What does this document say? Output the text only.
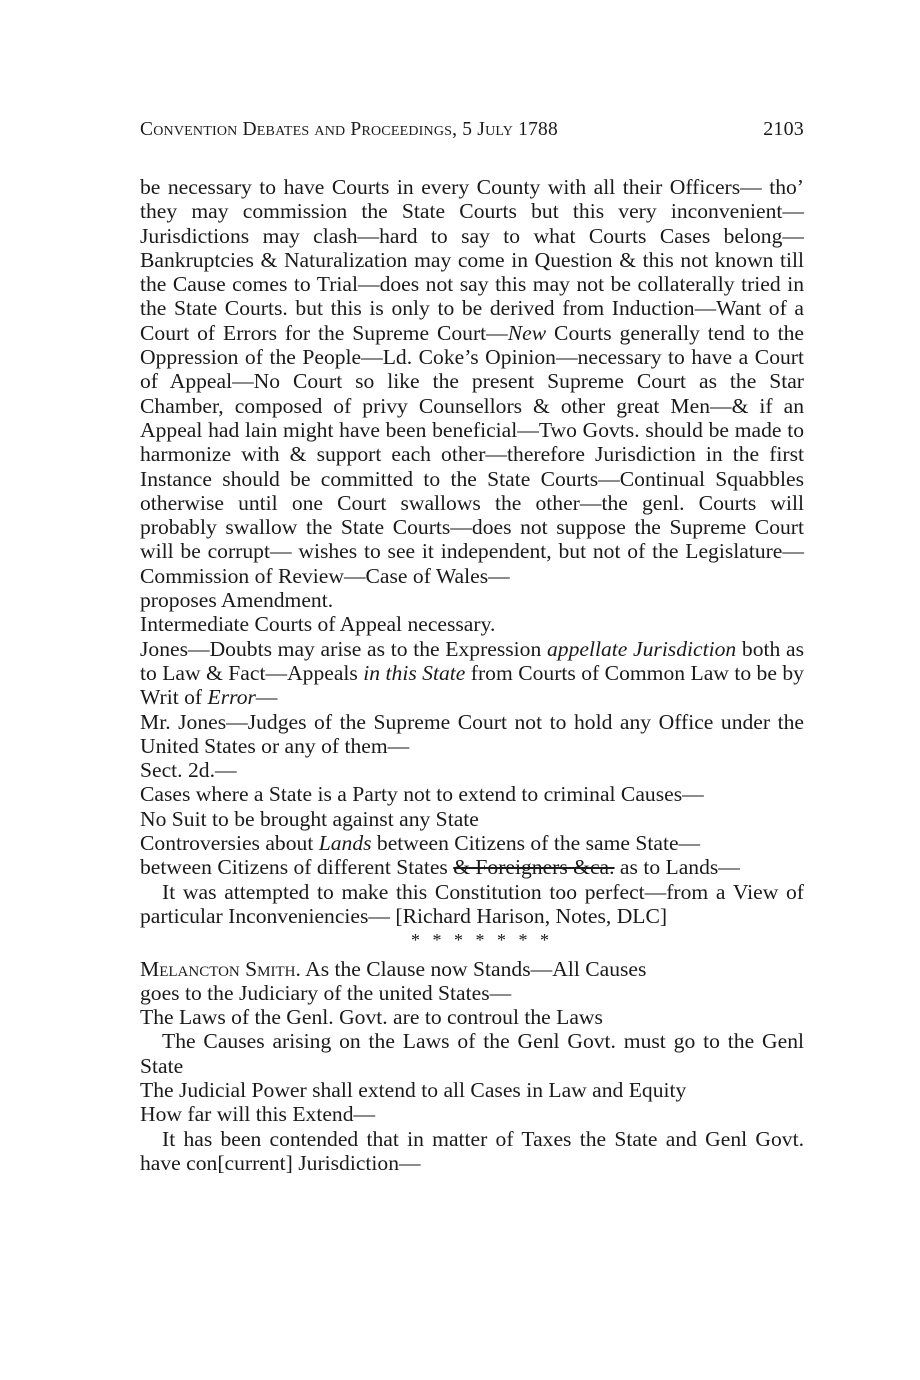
Convention Debates and Proceedings, 5 July 1788	2103

be necessary to have Courts in every County with all their Officers— tho’ they may commission the State Courts but this very inconvenient—Jurisdictions may clash—hard to say to what Courts Cases belong—Bankruptcies & Naturalization may come in Question & this not known till the Cause comes to Trial—does not say this may not be collaterally tried in the State Courts. but this is only to be derived from Induction—Want of a Court of Errors for the Supreme Court—New Courts generally tend to the Oppression of the People—Ld. Coke’s Opinion—necessary to have a Court of Appeal—No Court so like the present Supreme Court as the Star Chamber, composed of privy Counsellors & other great Men—& if an Appeal had lain might have been beneficial—Two Govts. should be made to harmonize with & support each other—therefore Jurisdiction in the first Instance should be committed to the State Courts—Continual Squabbles otherwise until one Court swallows the other—the genl. Courts will probably swallow the State Courts—does not suppose the Supreme Court will be corrupt— wishes to see it independent, but not of the Legislature—Commission of Review—Case of Wales—

proposes Amendment.

Intermediate Courts of Appeal necessary.

Jones—Doubts may arise as to the Expression appellate Jurisdiction both as to Law & Fact—Appeals in this State from Courts of Common Law to be by Writ of Error—

Mr. Jones—Judges of the Supreme Court not to hold any Office under the United States or any of them—

Sect. 2d.—

Cases where a State is a Party not to extend to criminal Causes—

No Suit to be brought against any State

Controversies about Lands between Citizens of the same State—

between Citizens of different States & Foreigners &ca. as to Lands—

It was attempted to make this Constitution too perfect—from a View of particular Inconveniencies— [Richard Harison, Notes, DLC]

* * * * * * *

Melancton Smith. As the Clause now Stands—All Causes

goes to the Judiciary of the united States—

The Laws of the Genl. Govt. are to controul the Laws

The Causes arising on the Laws of the Genl Govt. must go to the Genl State

The Judicial Power shall extend to all Cases in Law and Equity

How far will this Extend—

It has been contended that in matter of Taxes the State and Genl Govt. have con[current] Jurisdiction—
